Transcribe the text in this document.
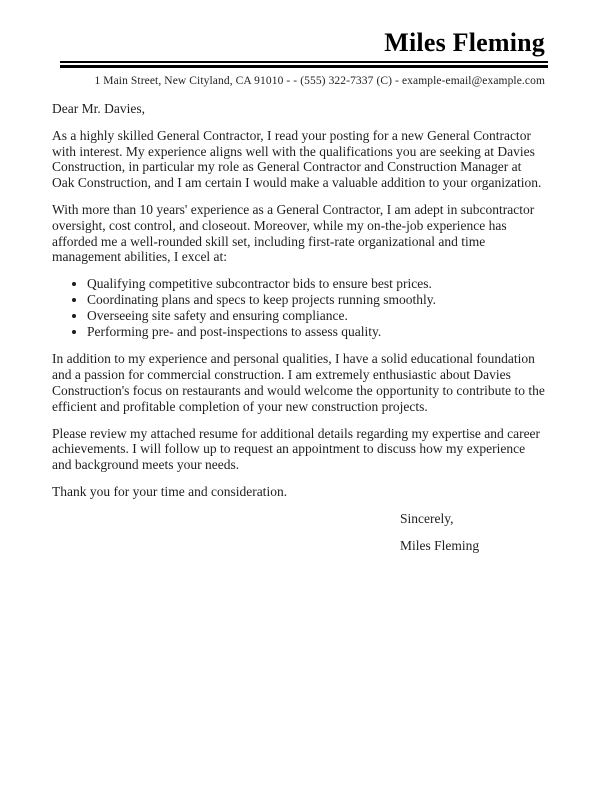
Miles Fleming
1 Main Street, New Cityland, CA 91010 - - (555) 322-7337 (C) - example-email@example.com

Dear Mr. Davies,

As a highly skilled General Contractor, I read your posting for a new General Contractor with interest. My experience aligns well with the qualifications you are seeking at Davies Construction, in particular my role as General Contractor and Construction Manager at Oak Construction, and I am certain I would make a valuable addition to your organization.

With more than 10 years' experience as a General Contractor, I am adept in subcontractor oversight, cost control, and closeout. Moreover, while my on-the-job experience has afforded me a well-rounded skill set, including first-rate organizational and time management abilities, I excel at:

• Qualifying competitive subcontractor bids to ensure best prices.
• Coordinating plans and specs to keep projects running smoothly.
• Overseeing site safety and ensuring compliance.
• Performing pre- and post-inspections to assess quality.

In addition to my experience and personal qualities, I have a solid educational foundation and a passion for commercial construction. I am extremely enthusiastic about Davies Construction's focus on restaurants and would welcome the opportunity to contribute to the efficient and profitable completion of your new construction projects.

Please review my attached resume for additional details regarding my expertise and career achievements. I will follow up to request an appointment to discuss how my experience and background meets your needs.

Thank you for your time and consideration.

Sincerely,

Miles Fleming
